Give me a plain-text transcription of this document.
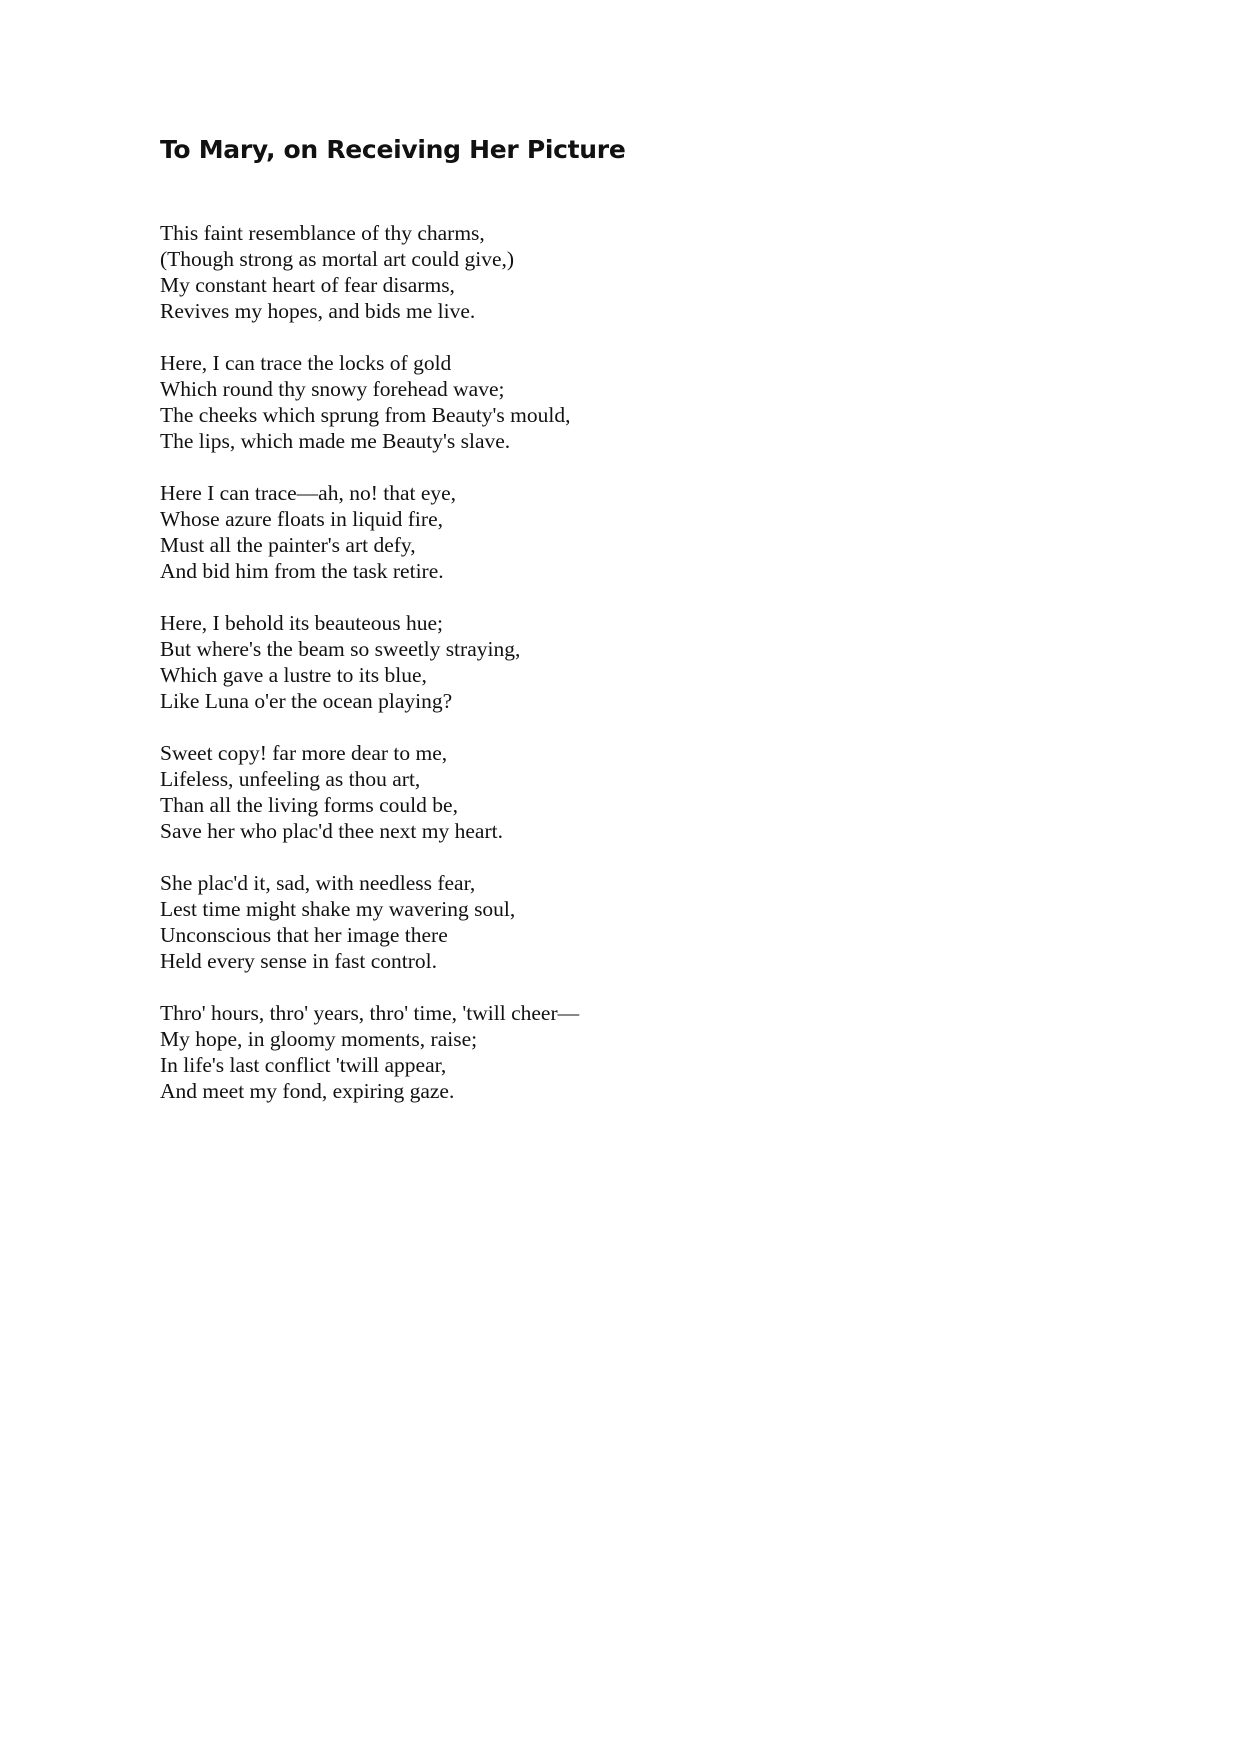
To Mary, on Receiving Her Picture
This faint resemblance of thy charms,
(Though strong as mortal art could give,)
My constant heart of fear disarms,
Revives my hopes, and bids me live.
Here, I can trace the locks of gold
Which round thy snowy forehead wave;
The cheeks which sprung from Beauty's mould,
The lips, which made me Beauty's slave.
Here I can trace—ah, no! that eye,
Whose azure floats in liquid fire,
Must all the painter's art defy,
And bid him from the task retire.
Here, I behold its beauteous hue;
But where's the beam so sweetly straying,
Which gave a lustre to its blue,
Like Luna o'er the ocean playing?
Sweet copy! far more dear to me,
Lifeless, unfeeling as thou art,
Than all the living forms could be,
Save her who plac'd thee next my heart.
She plac'd it, sad, with needless fear,
Lest time might shake my wavering soul,
Unconscious that her image there
Held every sense in fast control.
Thro' hours, thro' years, thro' time, 'twill cheer—
My hope, in gloomy moments, raise;
In life's last conflict 'twill appear,
And meet my fond, expiring gaze.
